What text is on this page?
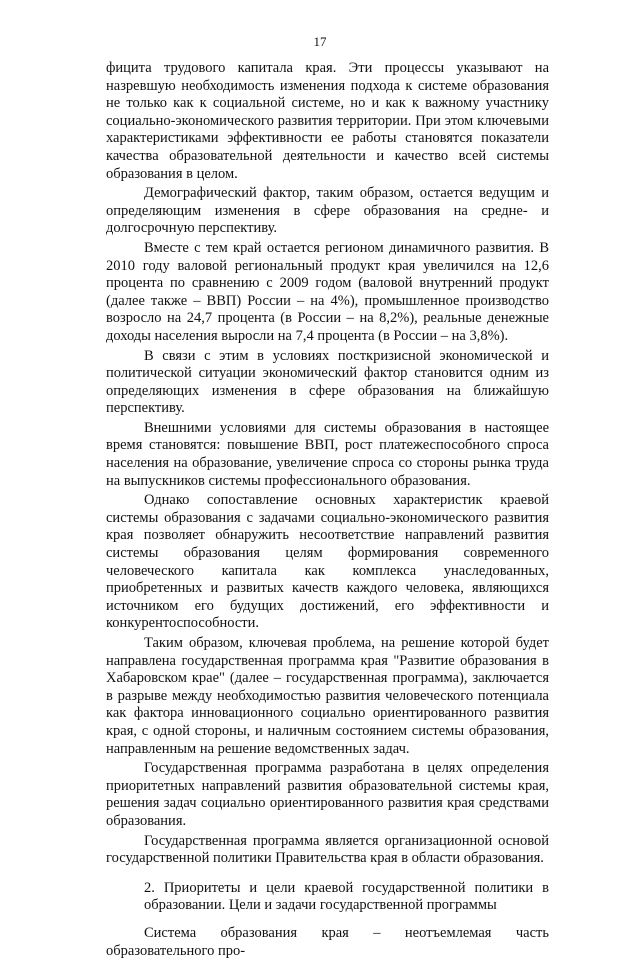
17

фицита трудового капитала края. Эти процессы указывают на назревшую необходимость изменения подхода к системе образования не только как к социальной системе, но и как к важному участнику социально-экономического развития территории. При этом ключевыми характеристиками эффективности ее работы становятся показатели качества образовательной деятельности и качество всей системы образования в целом.

Демографический фактор, таким образом, остается ведущим и определяющим изменения в сфере образования на средне- и долгосрочную перспективу.

Вместе с тем край остается регионом динамичного развития. В 2010 году валовой региональный продукт края увеличился на 12,6 процента по сравнению с 2009 годом (валовой внутренний продукт (далее также – ВВП) России – на 4%), промышленное производство возросло на 24,7 процента (в России – на 8,2%), реальные денежные доходы населения выросли на 7,4 процента (в России – на 3,8%).

В связи с этим в условиях посткризисной экономической и политической ситуации экономический фактор становится одним из определяющих изменения в сфере образования на ближайшую перспективу.

Внешними условиями для системы образования в настоящее время становятся: повышение ВВП, рост платежеспособного спроса населения на образование, увеличение спроса со стороны рынка труда на выпускников системы профессионального образования.

Однако сопоставление основных характеристик краевой системы образования с задачами социально-экономического развития края позволяет обнаружить несоответствие направлений развития системы образования целям формирования современного человеческого капитала как комплекса унаследованных, приобретенных и развитых качеств каждого человека, являющихся источником его будущих достижений, его эффективности и конкурентоспособности.

Таким образом, ключевая проблема, на решение которой будет направлена государственная программа края "Развитие образования в Хабаровском крае" (далее – государственная программа), заключается в разрыве между необходимостью развития человеческого потенциала как фактора инновационного социально ориентированного развития края, с одной стороны, и наличным состоянием системы образования, направленным на решение ведомственных задач.

Государственная программа разработана в целях определения приоритетных направлений развития образовательной системы края, решения задач социально ориентированного развития края средствами образования.

Государственная программа является организационной основой государственной политики Правительства края в области образования.

2. Приоритеты и цели краевой государственной политики в образовании. Цели и задачи государственной программы

Система образования края – неотъемлемая часть образовательного про-
